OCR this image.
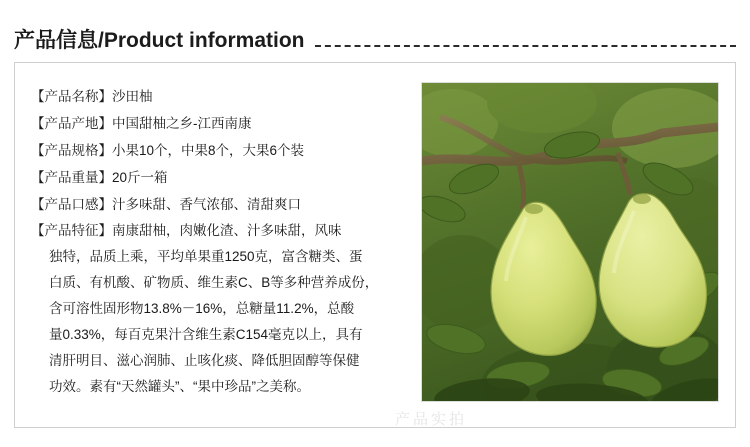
产品信息/Product information
【产品名称】沙田柚
【产品产地】中国甜柚之乡-江西南康
【产品规格】小果10个，中果8个，大果6个装
【产品重量】20斤一箱
【产品口感】汁多味甜、香气浓郁、清甜爽口
【产品特征】南康甜柚，肉嫩化渣、汁多味甜，风味
独特，品质上乘，平均单果重1250克，富含糖类、蛋
白质、有机酸、矿物质、维生素C、B等多种营养成份，
含可溶性固形物13.8%－16%，总糖量11.2%，总酸
量0.33%，每百克果汁含维生素C154毫克以上，具有
清肝明目、滋心润肺、止咳化痰、降低胆固醇等保健
功效。素有“天然罐头”、“果中珍品”之美称。
产品实拍
